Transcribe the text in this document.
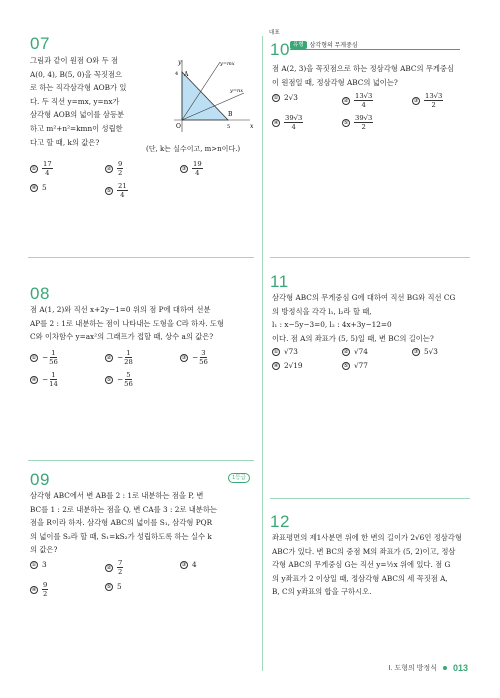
대표
유형	삼각형의 무게중심
07
그림과 같이 원점 O와 두 점
A(0, 4), B(5, 0)을 꼭짓점으
로 하는 직각삼각형 AOB가 있
다. 두 직선 y=mx, y=nx가
삼각형 AOB의 넓이를 삼등분
하고 m²+n²=kmn이 성립한
다고 할 때, k의 값은?
y
x
O
A
4
B
5
y=mx
y=nx
(단, k는 실수이고, m>n이다.)
① $\frac{17}{4}$	② $\frac{9}{2}$	③ $\frac{19}{4}$
④ 5	⑤ $\frac{21}{4}$
08
점 A(1, 2)와 직선 x+2y−1=0 위의 점 P에 대하여 선분
AP를 2 : 1로 내분하는 점이 나타내는 도형을 C라 하자. 도형
C와 이차함수 y=ax²의 그래프가 접할 때, 상수 a의 값은?
① − $\frac{1}{56}$	② − $\frac{1}{28}$	③ − $\frac{3}{56}$
④ − $\frac{1}{14}$	⑤ − $\frac{5}{56}$
09	1등급
삼각형 ABC에서 변 AB를 2 : 1로 내분하는 점을 P, 변
BC를 1 : 2로 내분하는 점을 Q, 변 CA를 3 : 2로 내분하는
점을 R이라 하자. 삼각형 ABC의 넓이를 S₁, 삼각형 PQR
의 넓이를 S₂라 할 때, S₁=kS₂가 성립하도록 하는 실수 k
의 값은?
① 3	② $\frac{7}{2}$	③ 4
④ $\frac{9}{2}$	⑤ 5
10
점 A(2, 3)을 꼭짓점으로 하는 정삼각형 ABC의 무게중심
이 원점일 때, 정삼각형 ABC의 넓이는?
① 2√3	② $\frac{13√3}{4}$	③ $\frac{13√3}{2}$
④ $\frac{39√3}{4}$	⑤ $\frac{39√3}{2}$
11
삼각형 ABC의 무게중심 G에 대하여 직선 BG와 직선 CG
의 방정식을 각각 l₁, l₂라 할 때,
l₁ : x−5y−3=0, l₂ : 4x+3y−12=0
이다. 점 A의 좌표가 (5, 5)일 때, 변 BC의 길이는?
① √73	② √74	③ 5√3
④ 2√19	⑤ √77
12
좌표평면의 제1사분면 위에 한 변의 길이가 2√6인 정삼각형
ABC가 있다. 변 BC의 중점 M의 좌표가 (5, 2)이고, 정삼
각형 ABC의 무게중심 G는 직선 y=½x 위에 있다. 점 G
의 y좌표가 2 이상일 때, 정삼각형 ABC의 세 꼭짓점 A,
B, C의 y좌표의 합을 구하시오.
I. 도형의 방정식 013
